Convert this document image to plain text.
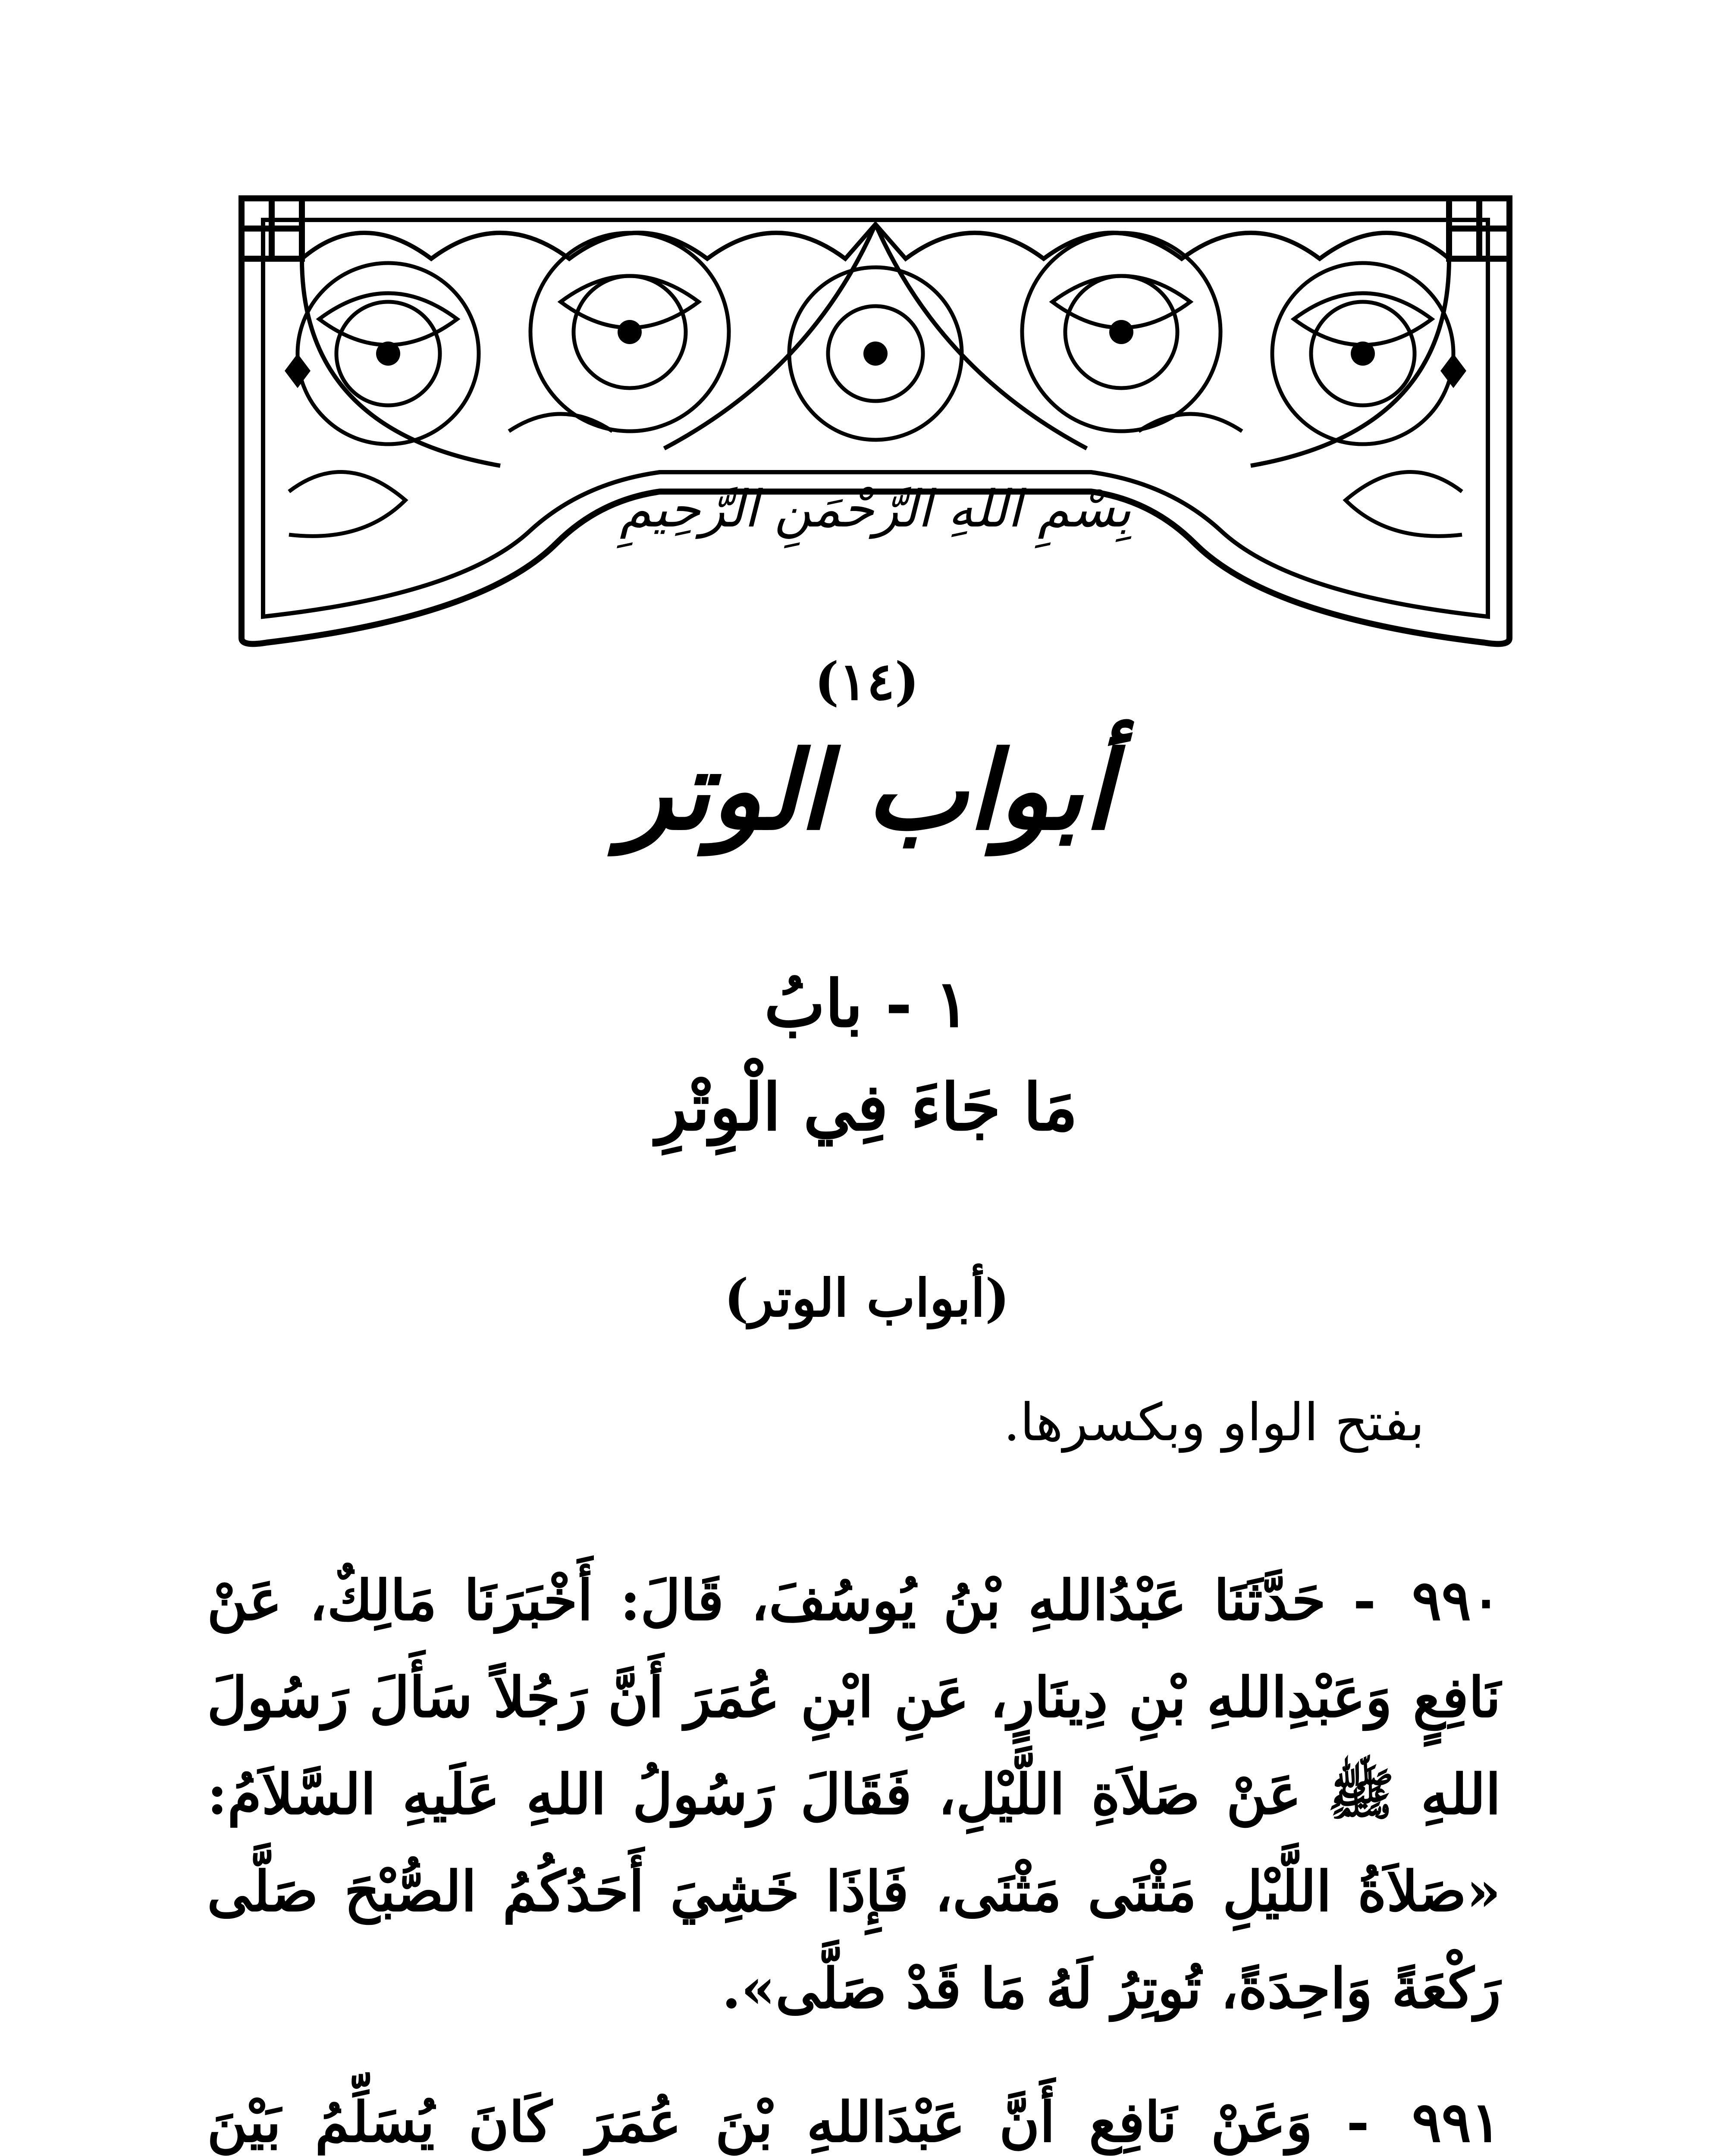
بِسْمِ اللهِ الرَّحْمَنِ الرَّحِيمِ
(١٤)
أبواب الوتر
١ - بابُ
مَا جَاءَ فِي الْوِتْرِ
(أبواب الوتر)
بفتح الواو وبكسرها.
٩٩٠ - حَدَّثَنَا عَبْدُاللهِ بْنُ يُوسُفَ، قَالَ: أَخْبَرَنَا مَالِكٌ، عَنْ نَافِعٍ وَعَبْدِاللهِ بْنِ دِينَارٍ، عَنِ ابْنِ عُمَرَ أَنَّ رَجُلاً سَأَلَ رَسُولَ اللهِ ﷺ عَنْ صَلاَةِ اللَّيْلِ، فَقَالَ رَسُولُ اللهِ عَلَيهِ السَّلاَمُ: «صَلاَةُ اللَّيْلِ مَثْنَى مَثْنَى، فَإِذَا خَشِيَ أَحَدُكُمُ الصُّبْحَ صَلَّى رَكْعَةً وَاحِدَةً، تُوتِرُ لَهُ مَا قَدْ صَلَّى».
٩٩١ - وَعَنْ نَافِعٍ أَنَّ عَبْدَاللهِ بْنَ عُمَرَ كَانَ يُسَلِّمُ بَيْنَ
